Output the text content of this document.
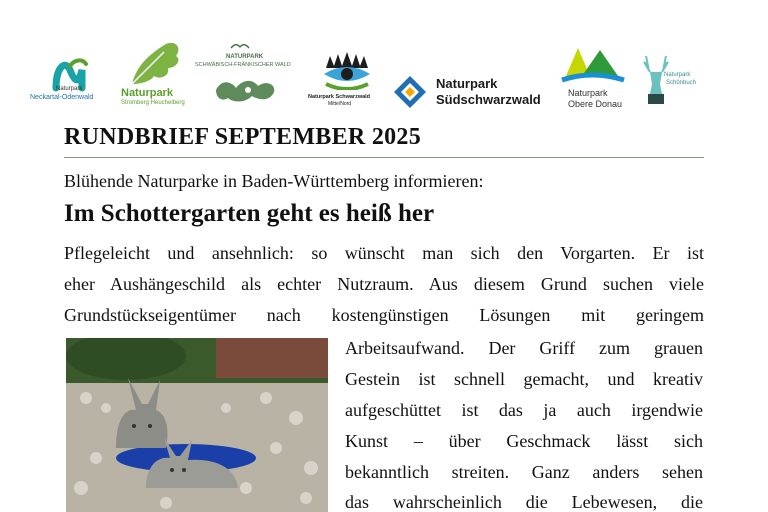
Naturpark
Neckartal-Odenwald	Naturpark
Stromberg Heuchelberg
NATURPARK
SCHWÄBISCH-FRÄNKISCHER WALD
Naturpark Schwarzwald
Mitte/Nord
Naturpark
Südschwarzwald	Naturpark
Obere Donau
Naturpark
Schönbuch
RUNDBRIEF SEPTEMBER 2025
Blühende Naturparke in Baden-Württemberg informieren:
Im Schottergarten geht es heiß her
Pflegeleicht und ansehnlich: so wünscht man sich den Vorgarten. Er ist
eher Aushängeschild als echter Nutzraum. Aus diesem Grund suchen viele
Grundstückseigentümer nach kostengünstigen Lösungen mit geringem
Arbeitsaufwand. Der Griff zum grauen
Gestein ist schnell gemacht, und kreativ
aufgeschüttet ist das ja auch irgendwie
Kunst – über Geschmack lässt sich
bekanntlich streiten. Ganz anders sehen
das wahrscheinlich die Lebewesen, die
